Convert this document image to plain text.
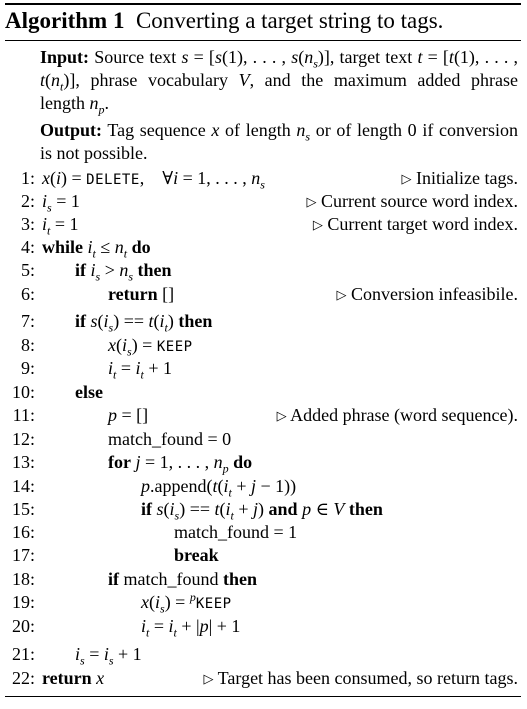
Algorithm 1 Converting a target string to tags.
Input: Source text s = [s(1), . . . , $s(n_s)$], target text t = [t(1), . . . , $t(n_t)$], phrase vocabulary V, and the maximum added phrase length $n_p$.
Output: Tag sequence x of length $n_s$ or of length 0 if conversion is not possible.
1: x(i) = DELETE,    ∀i = 1, . . . , $n_s$	▷ Initialize tags.
2: $i_s = 1$	▷ Current source word index.
3: $i_t = 1$	▷ Current target word index.
4: while $i_t \le n_t$ do
5: if $i_s > n_s$ then
6:	return []	▷ Conversion infeasibile.
7: if $s(i_s) == t(i_t)$ then
8:	$x(i_s)$ = KEEP
9:	$i_t = i_t + 1$
10: else
11:	p = []	▷ Added phrase (word sequence).
12:	match_found = 0
13:	for j = 1, . . . , $n_p$ do
14:	$p.append(t(i_t + j - 1))$
15:	if $s(i_s) == t(i_t + j)$ and p ∈ V then
16:	match_found = 1
17:	break
18:	if match_found then
19:	$x(i_s)$ = $^p$KEEP
20:	$i_t = i_t + |p| + 1$
21: $i_s = i_s + 1$
22: return x	▷ Target has been consumed, so return tags.
